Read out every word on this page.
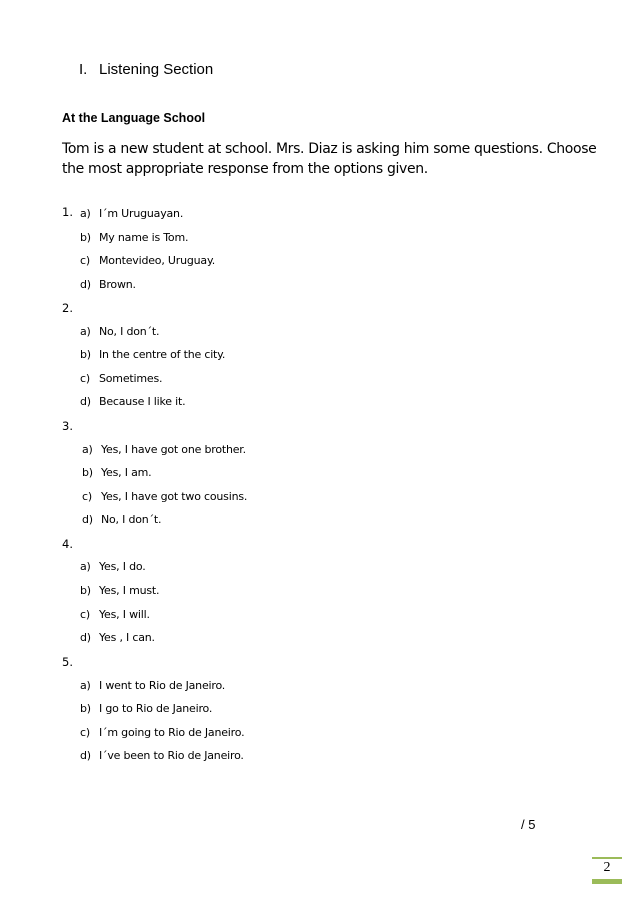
I. Listening Section
At the Language School
Tom is a new student at school. Mrs. Diaz is asking him some questions. Choose the most appropriate response from the options given.
1. a) I´m Uruguayan.
b) My name is Tom.
c) Montevideo, Uruguay.
d) Brown.
2.
a) No, I don´t.
b) In the centre of the city.
c) Sometimes.
d) Because I like it.
3.
a) Yes, I have got one brother.
b) Yes, I am.
c) Yes, I have got two cousins.
d) No, I don´t.
4.
a) Yes, I do.
b) Yes, I must.
c) Yes, I will.
d) Yes , I can.
5.
a) I went to Rio de Janeiro.
b) I go to Rio de Janeiro.
c) I´m going to Rio de Janeiro.
d) I´ve been to Rio de Janeiro.
/ 5
2
